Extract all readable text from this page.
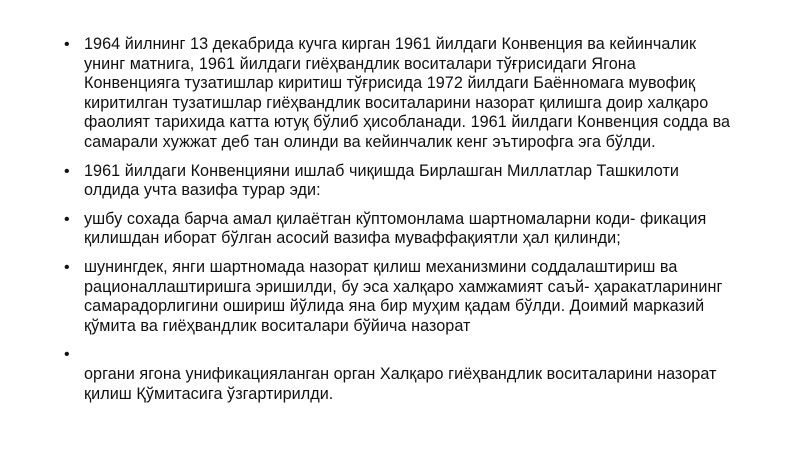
• 1964 йилнинг 13 декабрида кучга кирган 1961 йилдаги Конвенция ва кейинчалик
унинг матнига, 1961 йилдаги гиёҳвандлик воситалари тўғрисидаги Ягона
Конвенцияга тузатишлар киритиш тўғрисида 1972 йилдаги Баённомага мувофиқ
киритилган тузатишлар гиёҳвандлик воситаларини назорат қилишга доир халқаро
фаолият тарихида катта ютуқ бўлиб ҳисобланади. 1961 йилдаги Конвенция содда ва
самарали хужжат деб тан олинди ва кейинчалик кенг эътирофга эга бўлди.
• 1961 йилдаги Конвенцияни ишлаб чиқишда Бирлашган Миллатлар Ташкилоти
олдида учта вазифа турар эди:
• ушбу сохада барча амал қилаётган кўптомонлама шартномаларни коди- фикация
қилишдан иборат бўлган асосий вазифа муваффақиятли ҳал қилинди;
• шунингдек, янги шартномада назорат қилиш механизмини соддалаштириш ва
рационаллаштиришга эришилди, бу эса халқаро хамжамият саъй- ҳаракатларининг
самарадорлигини ошириш йўлида яна бир муҳим қадам бўлди. Доимий марказий
қўмита ва гиёҳвандлик воситалари бўйича назорат
•

органи ягона унификацияланган орган Халқаро гиёҳвандлик воситаларини назорат
қилиш Қўмитасига ўзгартирилди.
